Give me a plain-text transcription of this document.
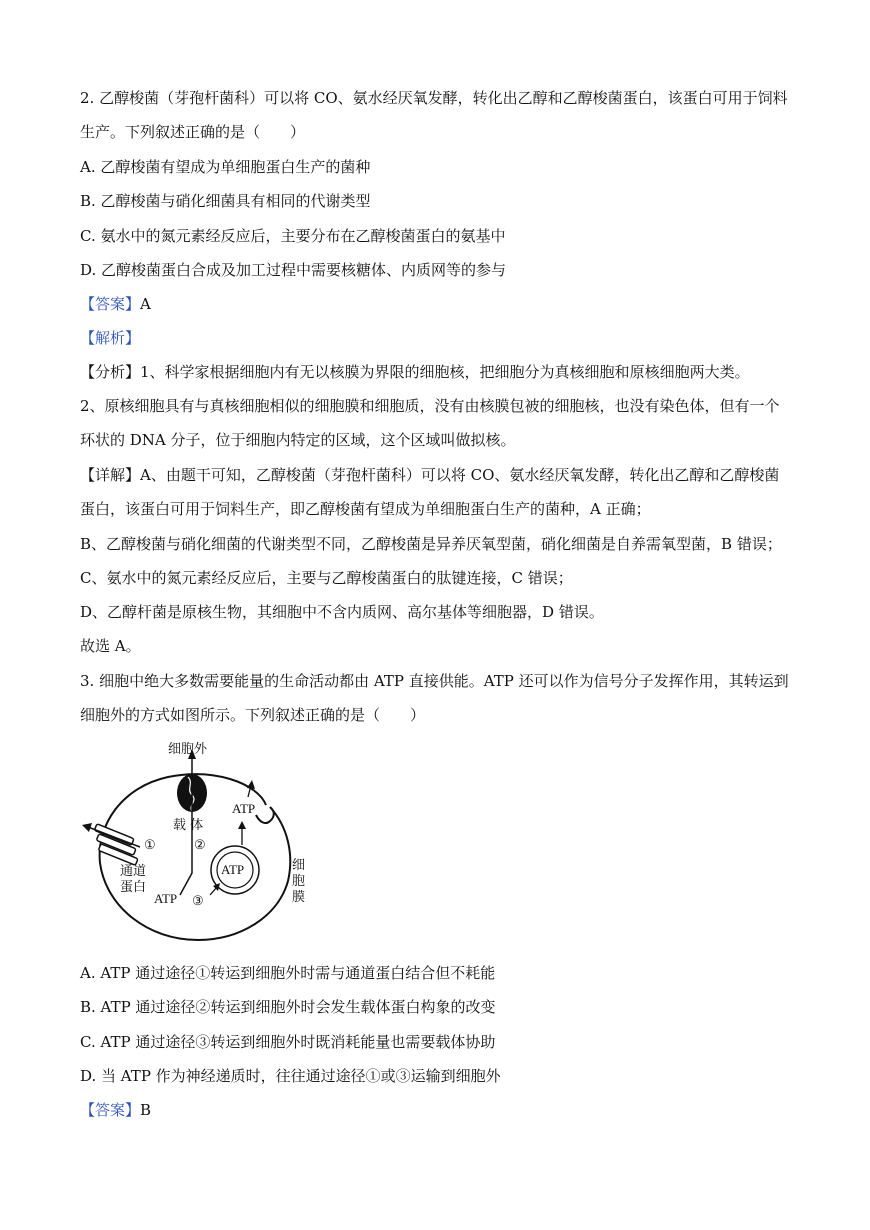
2. 乙醇梭菌（芽孢杆菌科）可以将 CO、氨水经厌氧发酵，转化出乙醇和乙醇梭菌蛋白，该蛋白可用于饲料
生产。下列叙述正确的是（　　）
A. 乙醇梭菌有望成为单细胞蛋白生产的菌种
B. 乙醇梭菌与硝化细菌具有相同的代谢类型
C. 氨水中的氮元素经反应后，主要分布在乙醇梭菌蛋白的氨基中
D. 乙醇梭菌蛋白合成及加工过程中需要核糖体、内质网等的参与
【答案】A
【解析】
【分析】1、科学家根据细胞内有无以核膜为界限的细胞核，把细胞分为真核细胞和原核细胞两大类。
2、原核细胞具有与真核细胞相似的细胞膜和细胞质，没有由核膜包被的细胞核，也没有染色体，但有一个
环状的 DNA 分子，位于细胞内特定的区域，这个区域叫做拟核。
【详解】A、由题干可知，乙醇梭菌（芽孢杆菌科）可以将 CO、氨水经厌氧发酵，转化出乙醇和乙醇梭菌
蛋白，该蛋白可用于饲料生产，即乙醇梭菌有望成为单细胞蛋白生产的菌种，A 正确；
B、乙醇梭菌与硝化细菌的代谢类型不同，乙醇梭菌是异养厌氧型菌，硝化细菌是自养需氧型菌，B 错误；
C、氨水中的氮元素经反应后，主要与乙醇梭菌蛋白的肽键连接，C 错误；
D、乙醇杆菌是原核生物，其细胞中不含内质网、高尔基体等细胞器，D 错误。
故选 A。
3. 细胞中绝大多数需要能量的生命活动都由 ATP 直接供能。ATP 还可以作为信号分子发挥作用，其转运到
细胞外的方式如图所示。下列叙述正确的是（　　）
细胞外
载 体
②
①
通道
蛋白
ATP ③
ATP
ATP
细
胞
膜
A. ATP 通过途径①转运到细胞外时需与通道蛋白结合但不耗能
B. ATP 通过途径②转运到细胞外时会发生载体蛋白构象的改变
C. ATP 通过途径③转运到细胞外时既消耗能量也需要载体协助
D. 当 ATP 作为神经递质时，往往通过途径①或③运输到细胞外
【答案】B
